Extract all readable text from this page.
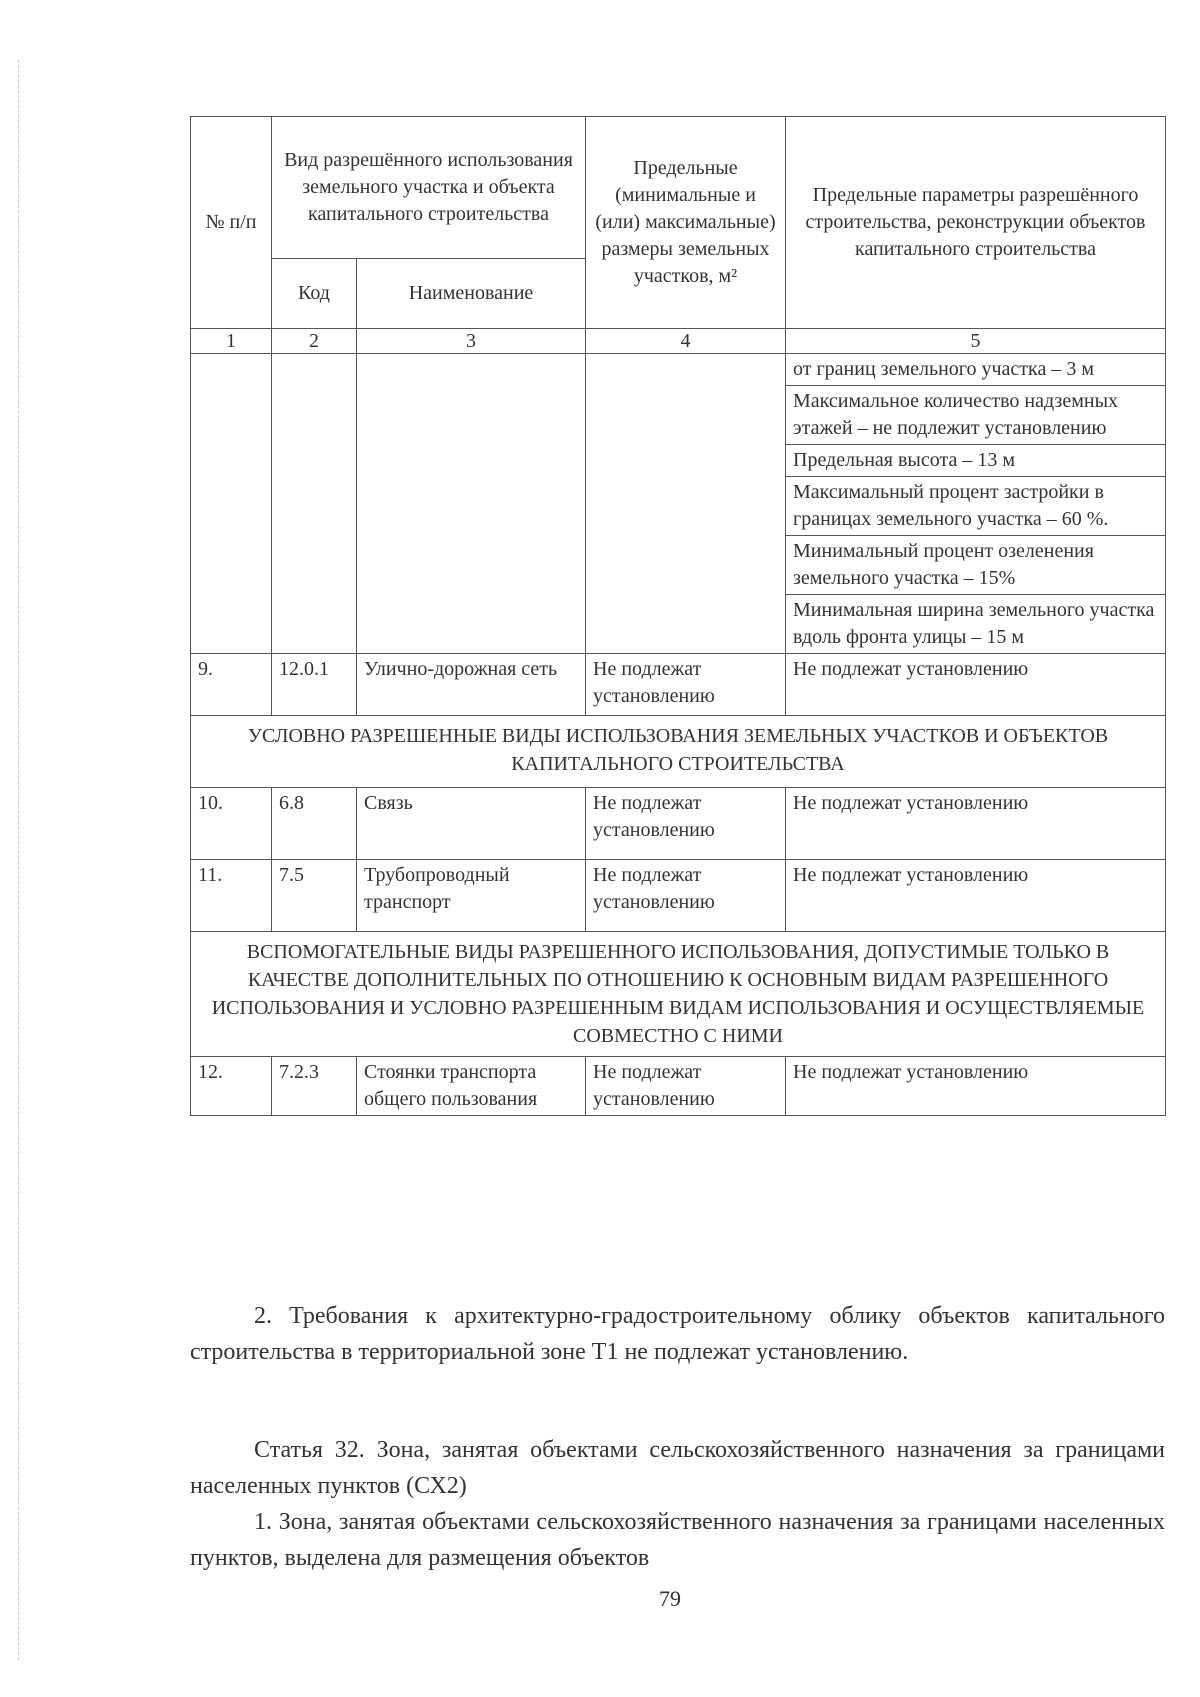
№ п/п	Вид разрешённого использования земельного участка и объекта капитального строительства		Предельные (минимальные и (или) максимальные) размеры земельных участков, м²	Предельные параметры разрешённого строительства, реконструкции объектов капитального строительства
	Код	Наименование		
1	2	3	4	5
				от границ земельного участка – 3 м
				Максимальное количество надземных этажей – не подлежит установлению
				Предельная высота – 13 м
				Максимальный процент застройки в границах земельного участка – 60 %.
				Минимальный процент озеленения земельного участка – 15%
				Минимальная ширина земельного участка вдоль фронта улицы – 15 м
9.	12.0.1	Улично-дорожная сеть	Не подлежат установлению	Не подлежат установлению
УСЛОВНО РАЗРЕШЕННЫЕ ВИДЫ ИСПОЛЬЗОВАНИЯ ЗЕМЕЛЬНЫХ УЧАСТКОВ И ОБЪЕКТОВ КАПИТАЛЬНОГО СТРОИТЕЛЬСТВА				
10.	6.8	Связь	Не подлежат установлению	Не подлежат установлению
11.	7.5	Трубопроводный транспорт	Не подлежат установлению	Не подлежат установлению
ВСПОМОГАТЕЛЬНЫЕ ВИДЫ РАЗРЕШЕННОГО ИСПОЛЬЗОВАНИЯ, ДОПУСТИМЫЕ ТОЛЬКО В КАЧЕСТВЕ ДОПОЛНИТЕЛЬНЫХ ПО ОТНОШЕНИЮ К ОСНОВНЫМ ВИДАМ РАЗРЕШЕННОГО ИСПОЛЬЗОВАНИЯ И УСЛОВНО РАЗРЕШЕННЫМ ВИДАМ ИСПОЛЬЗОВАНИЯ И ОСУЩЕСТВЛЯЕМЫЕ СОВМЕСТНО С НИМИ				
12.	7.2.3	Стоянки транспорта общего пользования	Не подлежат установлению	Не подлежат установлению

2. Требования к архитектурно-градостроительному облику объектов капитального строительства в территориальной зоне Т1 не подлежат установлению.

Статья 32. Зона, занятая объектами сельскохозяйственного назначения за границами населенных пунктов (СХ2)

1. Зона, занятая объектами сельскохозяйственного назначения за границами населенных пунктов, выделена для размещения объектов

79
